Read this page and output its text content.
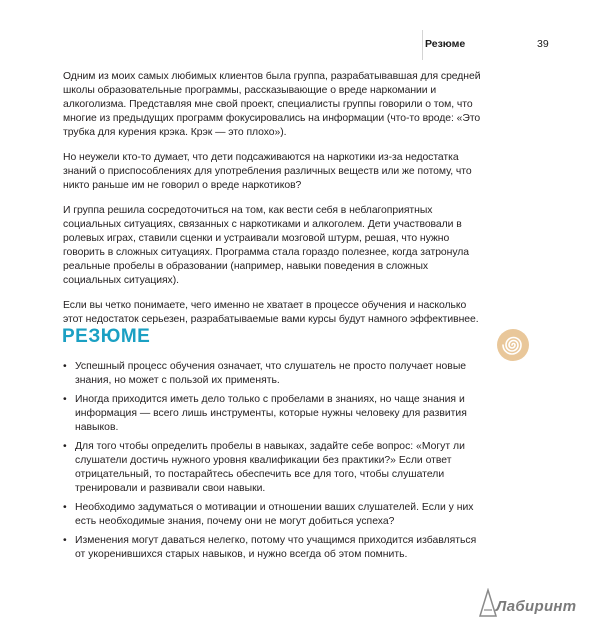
Резюме	39

Одним из моих самых любимых клиентов была группа, разрабатывавшая для средней школы образовательные программы, рассказывающие о вреде наркомании и алкоголизма. Представляя мне свой проект, специалисты группы говорили о том, что многие из предыдущих программ фокусировались на информации (что-то вроде: «Это трубка для курения крэка. Крэк — это плохо»).

Но неужели кто-то думает, что дети подсаживаются на наркотики из-за недостатка знаний о приспособлениях для употребления различных веществ или же потому, что никто раньше им не говорил о вреде наркотиков?

И группа решила сосредоточиться на том, как вести себя в неблагоприятных социальных ситуациях, связанных с наркотиками и алкоголем. Дети участвовали в ролевых играх, ставили сценки и устраивали мозговой штурм, решая, что нужно говорить в сложных ситуациях. Программа стала гораздо полезнее, когда затронула реальные пробелы в образовании (например, навыки поведения в сложных социальных ситуациях).

Если вы четко понимаете, чего именно не хватает в процессе обучения и насколько этот недостаток серьезен, разрабатываемые вами курсы будут намного эффективнее.

РЕЗЮМЕ
• Успешный процесс обучения означает, что слушатель не просто получает новые знания, но может с пользой их применять.
• Иногда приходится иметь дело только с пробелами в знаниях, но чаще знания и информация — всего лишь инструменты, которые нужны человеку для развития навыков.
• Для того чтобы определить пробелы в навыках, задайте себе вопрос: «Могут ли слушатели достичь нужного уровня квалификации без практики?» Если ответ отрицательный, то постарайтесь обеспечить все для того, чтобы слушатели тренировали и развивали свои навыки.
• Необходимо задуматься о мотивации и отношении ваших слушателей. Если у них есть необходимые знания, почему они не могут добиться успеха?
• Изменения могут даваться нелегко, потому что учащимся приходится избавляться от укоренившихся старых навыков, и нужно всегда об этом помнить.
Лабиринт
